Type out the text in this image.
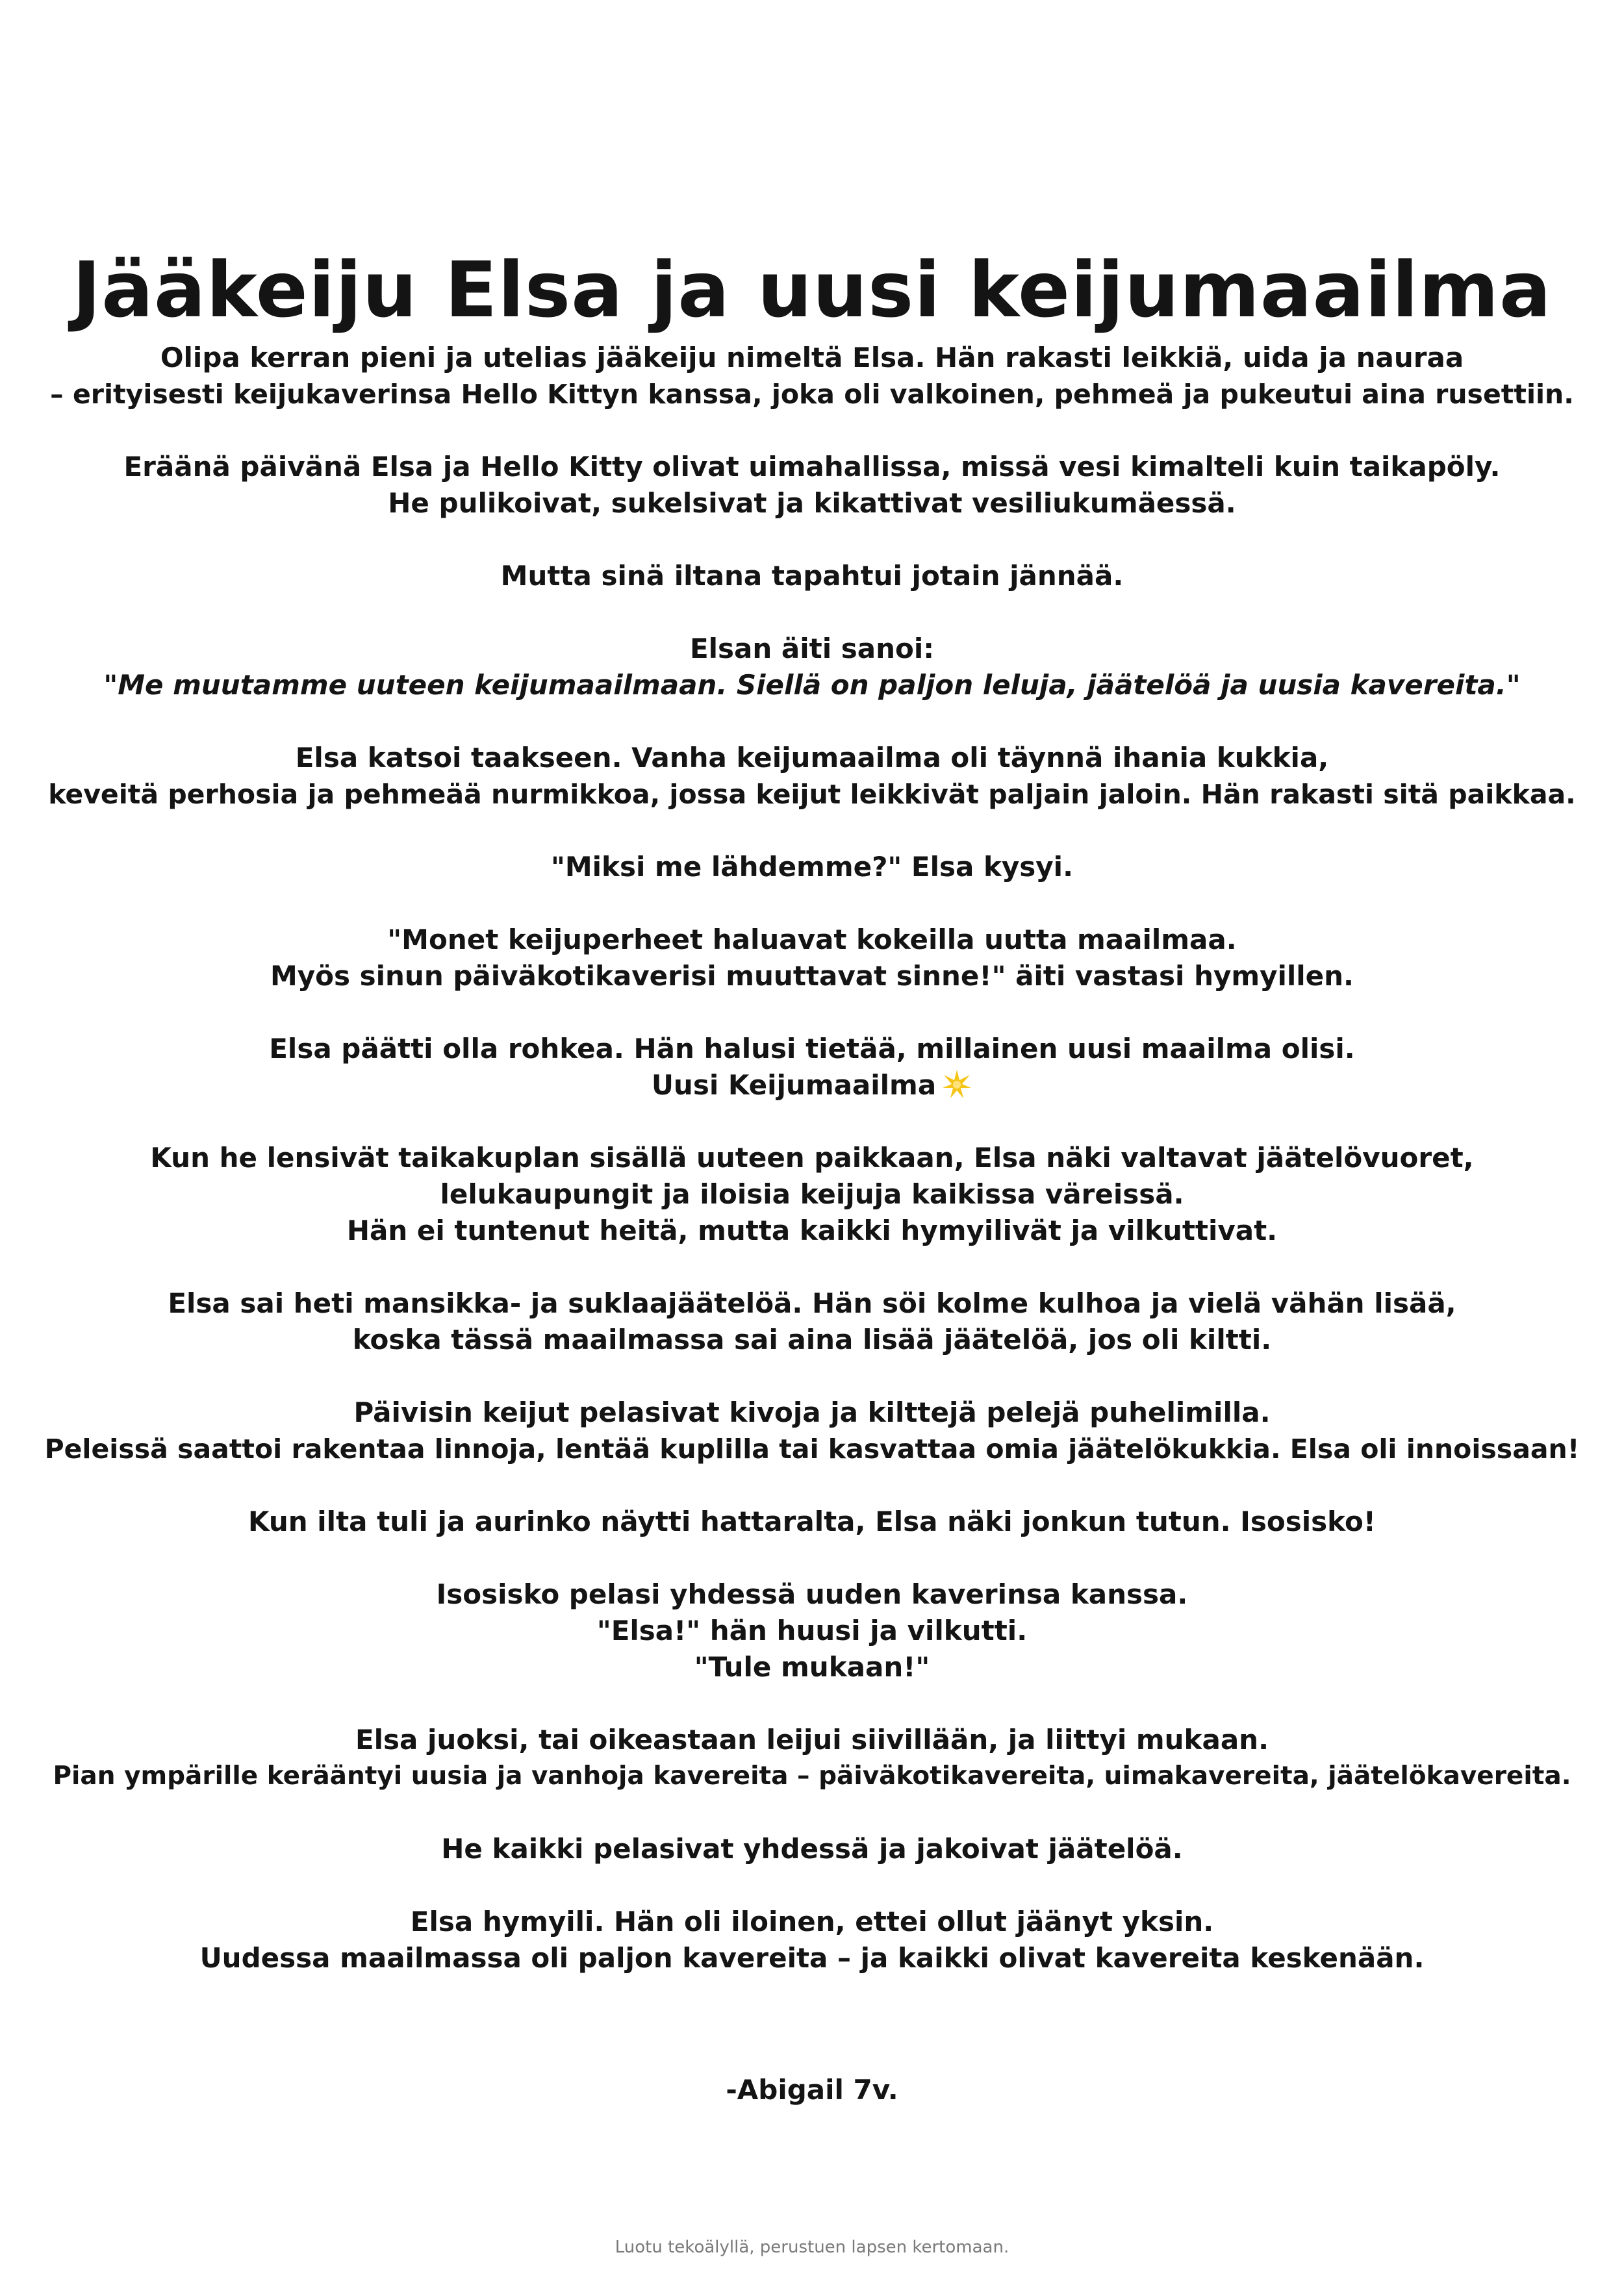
Jääkeiju Elsa ja uusi keijumaailma

Olipa kerran pieni ja utelias jääkeiju nimeltä Elsa. Hän rakasti leikkiä, uida ja nauraa
– erityisesti keijukaverinsa Hello Kittyn kanssa, joka oli valkoinen, pehmeä ja pukeutui aina rusettiin.

Eräänä päivänä Elsa ja Hello Kitty olivat uimahallissa, missä vesi kimalteli kuin taikapöly.
He pulikoivat, sukelsivat ja kikattivat vesiliukumäessä.

Mutta sinä iltana tapahtui jotain jännää.

Elsan äiti sanoi:
"Me muutamme uuteen keijumaailmaan. Siellä on paljon leluja, jäätelöä ja uusia kavereita."

Elsa katsoi taakseen. Vanha keijumaailma oli täynnä ihania kukkia,
keveitä perhosia ja pehmeää nurmikkoa, jossa keijut leikkivät paljain jaloin. Hän rakasti sitä paikkaa.

"Miksi me lähdemme?" Elsa kysyi.

"Monet keijuperheet haluavat kokeilla uutta maailmaa.
Myös sinun päiväkotikaverisi muuttavat sinne!" äiti vastasi hymyillen.

Elsa päätti olla rohkea. Hän halusi tietää, millainen uusi maailma olisi.
Uusi Keijumaailma

Kun he lensivät taikakuplan sisällä uuteen paikkaan, Elsa näki valtavat jäätelövuoret,
lelukaupungit ja iloisia keijuja kaikissa väreissä.
Hän ei tuntenut heitä, mutta kaikki hymyilivät ja vilkuttivat.

Elsa sai heti mansikka- ja suklaajäätelöä. Hän söi kolme kulhoa ja vielä vähän lisää,
koska tässä maailmassa sai aina lisää jäätelöä, jos oli kiltti.

Päivisin keijut pelasivat kivoja ja kilttejä pelejä puhelimilla.
Peleissä saattoi rakentaa linnoja, lentää kuplilla tai kasvattaa omia jäätelökukkia. Elsa oli innoissaan!

Kun ilta tuli ja aurinko näytti hattaralta, Elsa näki jonkun tutun. Isosisko!

Isosisko pelasi yhdessä uuden kaverinsa kanssa.
"Elsa!" hän huusi ja vilkutti.
"Tule mukaan!"

Elsa juoksi, tai oikeastaan leijui siivillään, ja liittyi mukaan.
Pian ympärille kerääntyi uusia ja vanhoja kavereita – päiväkotikavereita, uimakavereita, jäätelökavereita.

He kaikki pelasivat yhdessä ja jakoivat jäätelöä.

Elsa hymyili. Hän oli iloinen, ettei ollut jäänyt yksin.
Uudessa maailmassa oli paljon kavereita – ja kaikki olivat kavereita keskenään.

-Abigail 7v.
Luotu tekoälyllä, perustuen lapsen kertomaan.
